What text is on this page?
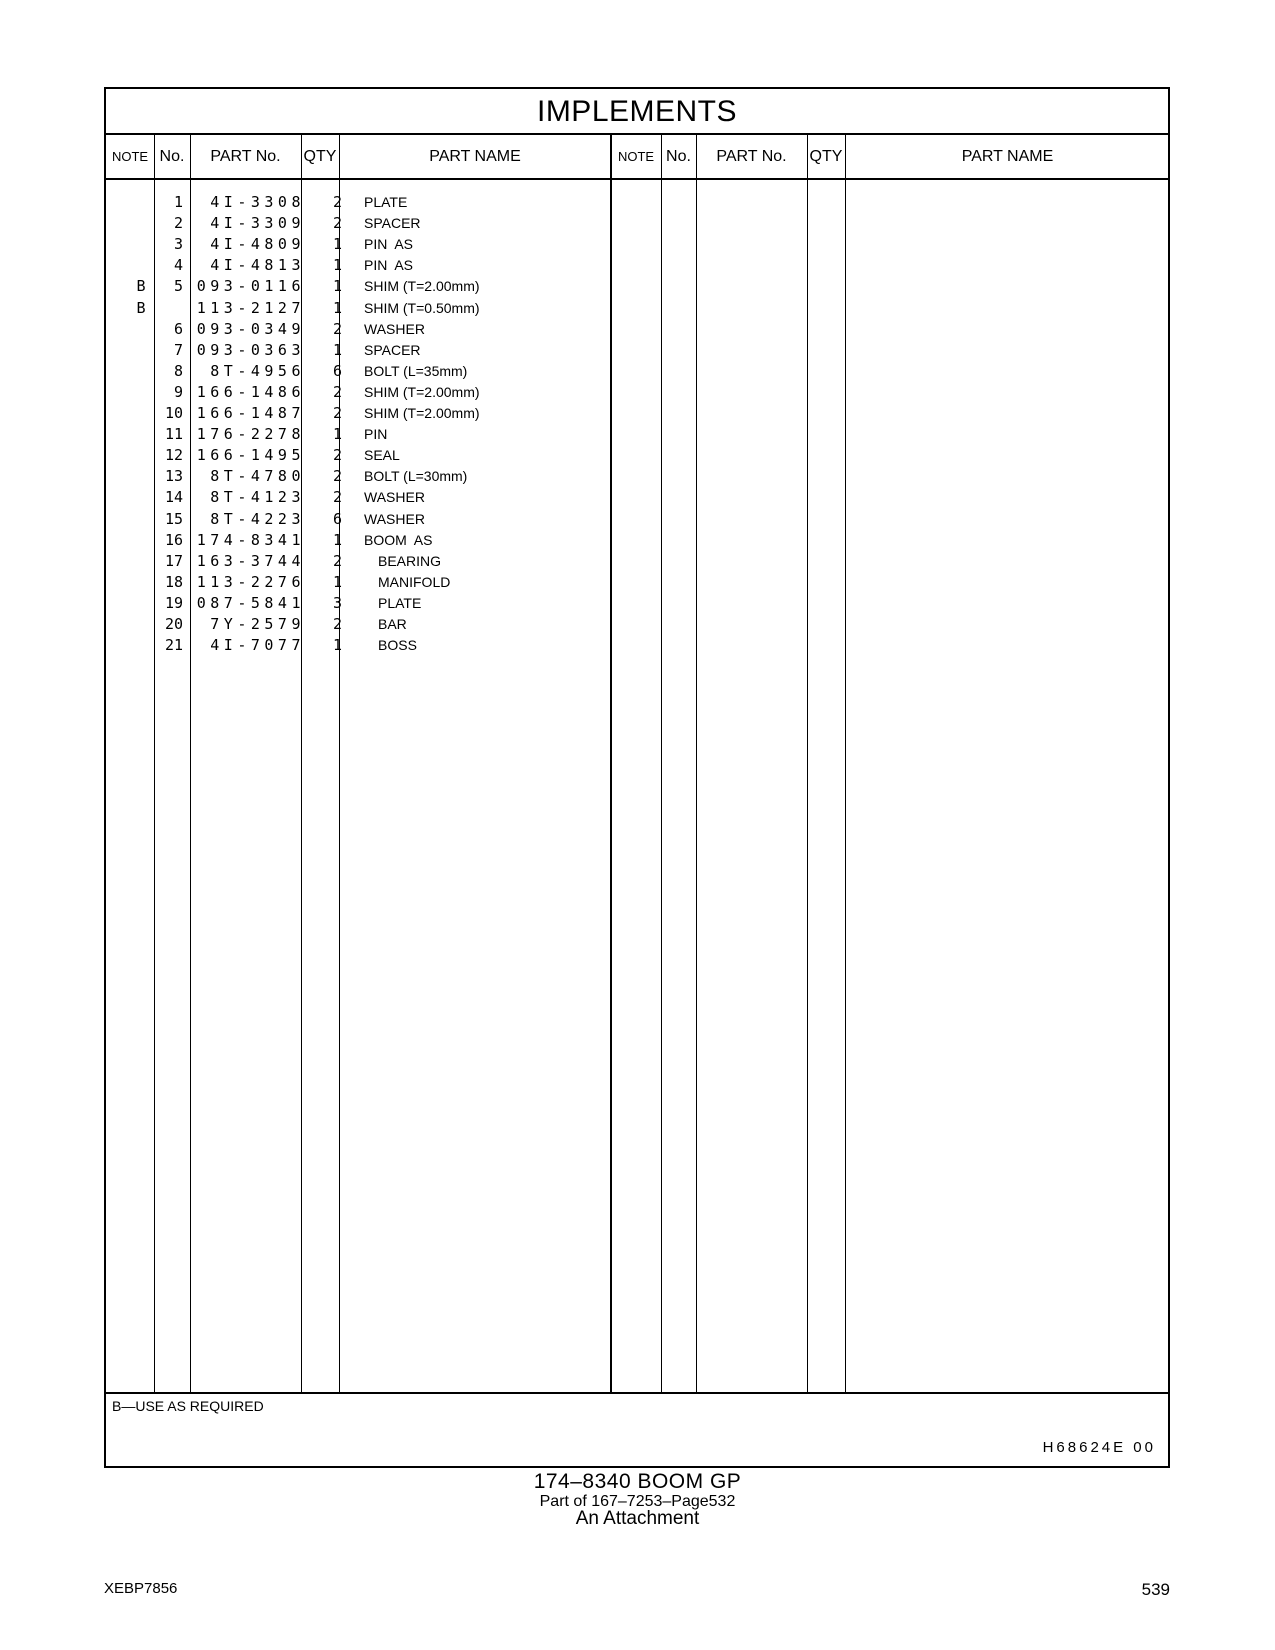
IMPLEMENTS
NOTE No.	PART No.	QTY	PART NAME	NOTE No.	PART No.	QTY	PART NAME
1	4I-3308	2 PLATE
2	4I-3309	2 SPACER
3	4I-4809	1 PIN  AS
4	4I-4813	1 PIN  AS
B	5 093-0116	1 SHIM (T=2.00mm)
B	113-2127	1 SHIM (T=0.50mm)
6 093-0349	2 WASHER
7 093-0363	1 SPACER
8	8T-4956	6 BOLT (L=35mm)
9 166-1486	2 SHIM (T=2.00mm)
10 166-1487	2 SHIM (T=2.00mm)
11 176-2278	1 PIN
12 166-1495	2 SEAL
13	8T-4780	2 BOLT (L=30mm)
14	8T-4123	2 WASHER
15	8T-4223	6 WASHER
16 174-8341	1 BOOM  AS
17 163-3744	2	BEARING
18 113-2276	1	MANIFOLD
19 087-5841	3	PLATE
20	7Y-2579	2	BAR
21	4I-7077	1	BOSS
B—USE AS REQUIRED
H68624E 00
174–8340 BOOM GP
Part of 167–7253–Page532
An Attachment
XEBP7856	539
